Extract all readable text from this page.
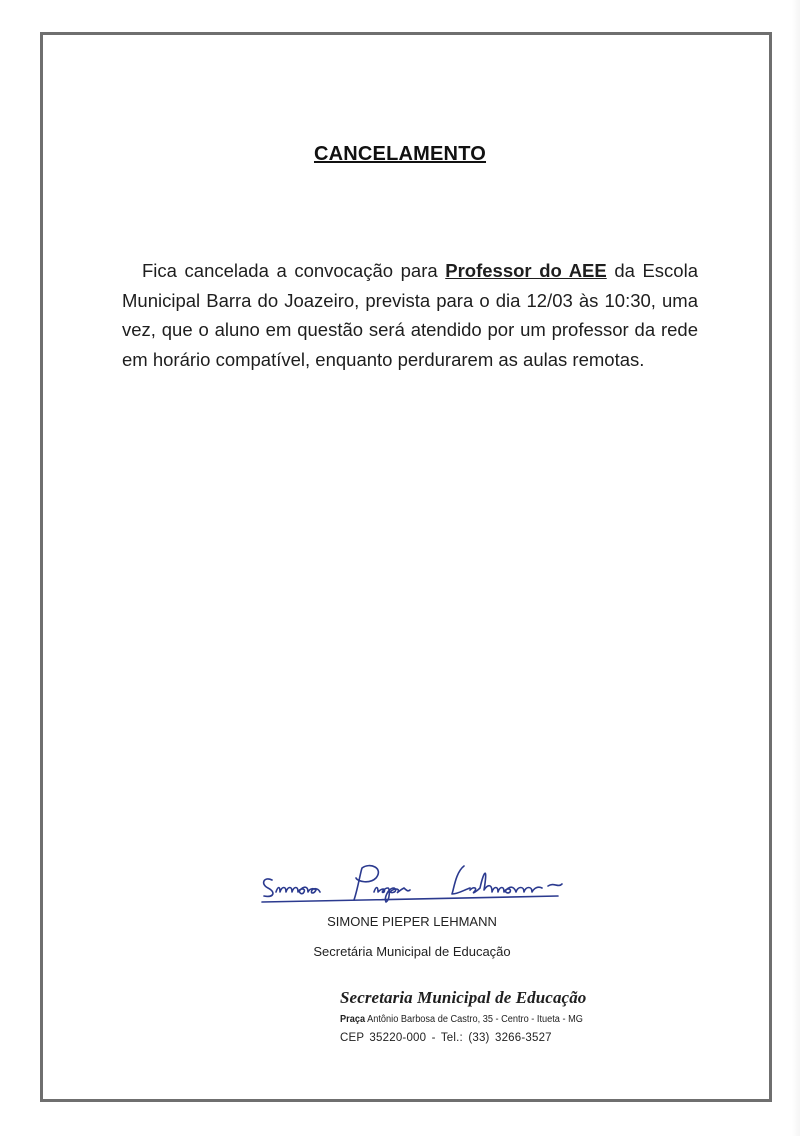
CANCELAMENTO
Fica cancelada a convocação para Professor do AEE da Escola Municipal Barra do Joazeiro, prevista para o dia 12/03 às 10:30, uma vez, que o aluno em questão será atendido por um professor da rede em horário compatível, enquanto perdurarem as aulas remotas.
SIMONE PIEPER LEHMANN
Secretária Municipal de Educação
Secretaria Municipal de Educação
Praça Antônio Barbosa de Castro, 35 - Centro - Itueta - MG
CEP 35220-000 - Tel.: (33) 3266-3527
